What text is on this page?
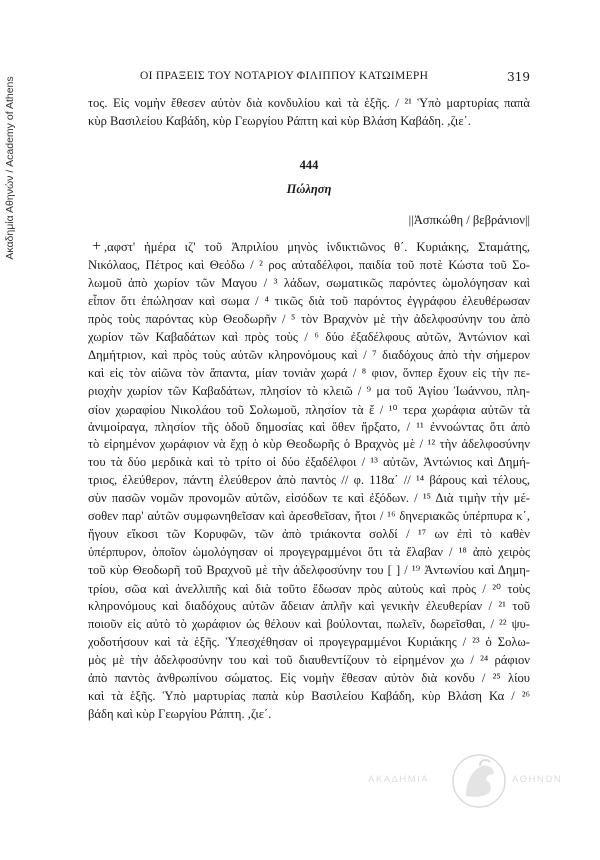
Ακαδημία Αθηνών / Academy of Athens
ΟΙ ΠΡΑΞΕΙΣ ΤΟΥ ΝΟΤΑΡΙΟΥ ΦΙΛΙΠΠΟΥ ΚΑΤΩΙΜΕΡΗ	319
τος. Εἰς νομὴν ἔθεσεν αὐτὸν διὰ κονδυλίου καὶ τὰ ἑξῆς. / ²¹ Ὑπὸ μαρτυρίας παπὰ
κὺρ Βασιλείου Καβάδη, κὺρ Γεωργίου Ράπτη καὶ κὺρ Βλάση Καβάδη. ,ζιε΄.
444
Πώληση
||Ἀσπκώθη / βεβράνιον||
+ ,αφστ' ἡμέρα ιζ' τοῦ Ἀπριλίου μηνὸς ἰνδικτιῶνος θ΄. Κυριάκης, Σταμάτης,
Νικόλαος, Πέτρος καὶ Θεόδω / ² ρος αὐταδέλφοι, παιδία τοῦ ποτὲ Κώστα τοῦ Σο-
λωμοῦ ἀπὸ χωρίον τῶν Μαγου / ³ λάδων, σωματικῶς παρόντες ὡμολόγησαν καὶ
εἶπον ὅτι ἐπώλησαν καὶ σωμα / ⁴ τικῶς διὰ τοῦ παρόντος ἐγγράφου ἐλευθέρωσαν
πρὸς τοὺς παρόντας κὺρ Θεοδωρῆν / ⁵ τὸν Βραχνὸν μὲ τὴν ἀδελφοσύνην του ἀπὸ
χωρίον τῶν Καβαδάτων καὶ πρὸς τοὺς / ⁶ δύο ἐξαδέλφους αὐτῶν, Ἀντώνιον καὶ
Δημήτριον, καὶ πρὸς τοὺς αὐτῶν κληρονόμους καὶ / ⁷ διαδόχους ἀπὸ τὴν σήμερον
καὶ εἰς τὸν αἰῶνα τὸν ἅπαντα, μίαν τονιὰν χωρά / ⁸ φιον, ὅνπερ ἔχουν εἰς τὴν πε-
ριοχὴν χωρίον τῶν Καβαδάτων, πλησίον τὸ κλειῶ / ⁹ μα τοῦ Ἁγίου Ἰωάννου, πλη-
σίον χωραφίου Νικολάου τοῦ Σολωμοῦ, πλησίον τὰ ἔ / ¹⁰ τερα χωράφια αὐτῶν τὰ
ἀνιμοίραγα, πλησίον τῆς ὁδοῦ δημοσίας καὶ ὅθεν ἤρξατο, / ¹¹ ἐννοώντας ὅτι ἀπὸ
τὸ εἰρημένον χωράφιον νὰ ἔχῃ ὁ κὺρ Θεοδωρῆς ὁ Βραχνὸς μὲ / ¹² τὴν ἀδελφοσύνην
του τὰ δύο μερδικὰ καὶ τὸ τρίτο οἱ δύο ἐξαδέλφοι / ¹³ αὐτῶν, Ἀντώνιος καὶ Δημή-
τριος, ἐλεύθερον, πάντη ἐλεύθερον ἀπὸ παντὸς // φ. 118α΄ // ¹⁴ βάρους καὶ τέλους,
σὺν πασῶν νομῶν προνομῶν αὐτῶν, εἰσόδων τε καὶ ἐξόδων. / ¹⁵ Διὰ τιμὴν τὴν μέ-
σοθεν παρ' αὐτῶν συμφωνηθεῖσαν καὶ ἀρεσθεῖσαν, ἤτοι / ¹⁶ δηνεριακῶς ὑπέρπυρα κ΄,
ἤγουν εἴκοσι τῶν Κορυφῶν, τῶν ἀπὸ τριάκοντα σολδί / ¹⁷ ων ἐπὶ τὸ καθὲν
ὑπέρπυρον, ὁποῖον ὡμολόγησαν οἱ προγεγραμμένοι ὅτι τὰ ἔλαβαν / ¹⁸ ἀπὸ χειρὸς
τοῦ κὺρ Θεοδωρῆ τοῦ Βραχνοῦ μὲ τὴν ἀδελφοσύνην του [ ] / ¹⁹ Ἀντωνίου καὶ Δημη-
τρίου, σῶα καὶ ἀνελλιπῆς καὶ διὰ τοῦτο ἔδωσαν πρὸς αὐτοὺς καὶ πρὸς / ²⁰ τοὺς
κληρονόμους καὶ διαδόχους αὐτῶν ἄδειαν ἁπλῆν καὶ γενικὴν ἐλευθερίαν / ²¹ τοῦ
ποιοῦν εἰς αὐτὸ τὸ χωράφιον ὡς θέλουν καὶ βούλονται, πωλεῖν, δωρεῖσθαι, / ²² ψυ-
χοδοτήσουν καὶ τὰ ἑξῆς. Ὑπεσχέθησαν οἱ προγεγραμμένοι Κυριάκης / ²³ ὁ Σολω-
μὸς μὲ τὴν ἀδελφοσύνην του καὶ τοῦ διαυθεντίζουν τὸ εἰρημένον χω / ²⁴ ράφιον
ἀπὸ παντὸς ἀνθρωπίνου σώματος. Εἰς νομὴν ἔθεσαν αὐτὸν διὰ κονδυ / ²⁵ λίου
καὶ τὰ ἑξῆς. Ὑπὸ μαρτυρίας παπὰ κὺρ Βασιλείου Καβάδη, κὺρ Βλάση Κα / ²⁶
βάδη καὶ κὺρ Γεωργίου Ράπτη. ,ζιε΄.
ΑΚΑΔΗΜΙΑ	ΑΘΗΝΩΝ
